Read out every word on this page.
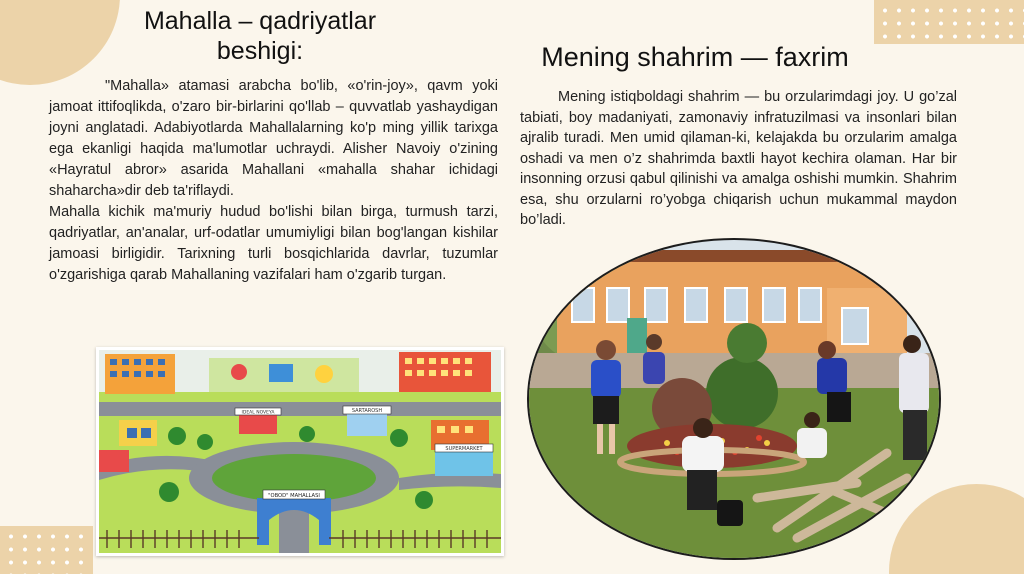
Mahalla – qadriyatlar beshigi:

"Mahalla» atamasi arabcha bo'lib, «o'rin-joy», qavm yoki jamoat ittifoqlikda, o'zaro bir-birlarini qo'llab – quvvatlab yashaydigan joyni anglatadi. Adabiyotlarda Mahallalarning ko'p ming yillik tarixga ega ekanligi haqida ma'lumotlar uchraydi. Alisher Navoiy o'zining «Hayratul abror» asarida Mahallani «mahalla shahar ichidagi shaharcha»dir deb ta'riflaydi.

Mahalla kichik ma'muriy hudud bo'lishi bilan birga, turmush tarzi, qadriyatlar, an'analar, urf-odatlar umumiyligi bilan bog'langan kishilar jamoasi birligidir. Tarixning turli bosqichlarida davrlar, tuzumlar o'zgarishiga qarab Mahallaning vazifalari ham o'zgarib turgan.

Mening shahrim — faxrim

Mening istiqboldagi shahrim — bu orzularimdagi joy. U go’zal tabiati, boy madaniyati, zamonaviy infratuzilmasi va insonlari bilan ajralib turadi. Men umid qilaman-ki, kelajakda bu orzularim amalga oshadi va men o’z shahrimda baxtli hayot kechira olaman. Har bir insonning orzusi qabul qilinishi va amalga oshishi mumkin. Shahrim esa, shu orzularni ro’yobga chiqarish uchun mukammal maydon bo’ladi.

IDEAL NOVEYA	SARTAROSH
SUPERMARKET
"OBOD" MAHALLASI
